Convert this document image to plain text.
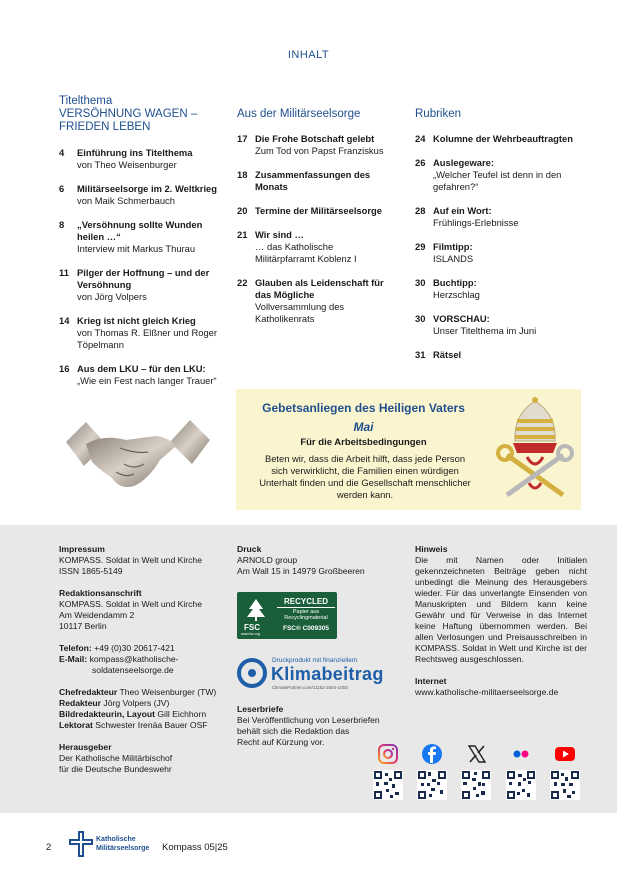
INHALT
Titelthema
VERSÖHNUNG WAGEN –
FRIEDEN LEBEN
4 Einführung ins Titelthema
von Theo Weisenburger
6 Militärseelsorge im 2. Weltkrieg
von Maik Schmerbauch
8 „Versöhnung sollte Wunden heilen …“
Interview mit Markus Thurau
11 Pilger der Hoffnung – und der Versöhnung
von Jörg Volpers
14 Krieg ist nicht gleich Krieg
von Thomas R. Elßner und Roger Töpelmann
16 Aus dem LKU – für den LKU:
„Wie ein Fest nach langer Trauer“
Aus der Militärseelsorge
17 Die Frohe Botschaft gelebt
Zum Tod von Papst Franziskus
18 Zusammenfassungen des Monats
20 Termine der Militärseelsorge
21 Wir sind …
… das Katholische Militärpfarramt Koblenz I
22 Glauben als Leidenschaft für das Mögliche
Vollversammlung des Katholikenrats
Rubriken
24 Kolumne der Wehrbeauftragten
26 Auslegeware:
„Welcher Teufel ist denn in den gefahren?“
28 Auf ein Wort:
Frühlings-Erlebnisse
29 Filmtipp:
ISLANDS
30 Buchtipp:
Herzschlag
30 VORSCHAU:
Unser Titelthema im Juni
31 Rätsel
Gebetsanliegen des Heiligen Vaters
Mai
Für die Arbeitsbedingungen
Beten wir, dass die Arbeit hilft, dass jede Person sich verwirklicht, die Familien einen würdigen Unterhalt finden und die Gesellschaft menschlicher werden kann.
Impressum
KOMPASS. Soldat in Welt und Kirche
ISSN 1865-5149
Redaktionsanschrift
KOMPASS. Soldat in Welt und Kirche
Am Weidendamm 2
10117 Berlin
Telefon: +49 (0)30 20617-421
E-Mail: kompass@katholische-
soldatenseelsorge.de
Chefredakteur Theo Weisenburger (TW)
Redakteur Jörg Volpers (JV)
Bildredakteurin, Layout Gill Eichhorn
Lektorat Schwester Irenäa Bauer OSF
Herausgeber
Der Katholische Militärbischof
für die Deutsche Bundeswehr
Druck
ARNOLD group
Am Wall 15 in 14979 Großbeeren
FSC
www.fsc.org
RECYCLED
Papier aus
Recyclingmaterial
FSC® C009305
Druckprodukt mit finanziellem
Klimabeitrag
ClimatePartner.com/11152-2504-1003
Leserbriefe
Bei Veröffentlichung von Leserbriefen
behält sich die Redaktion das
Recht auf Kürzung vor.
Hinweis
Die mit Namen oder Initialen gekennzeichneten Beiträge geben nicht unbedingt die Meinung des Herausgebers wieder. Für das unverlangte Einsenden von Manuskripten und Bildern kann keine Gewähr und für Verweise in das Internet keine Haftung übernommen werden. Bei allen Verlosungen und Preisausschreiben in KOMPASS. Soldat in Welt und Kirche ist der Rechtsweg ausgeschlossen.
Internet
www.katholische-militaerseelsorge.de
2
Katholische
Militärseelsorge Kompass 05|25
